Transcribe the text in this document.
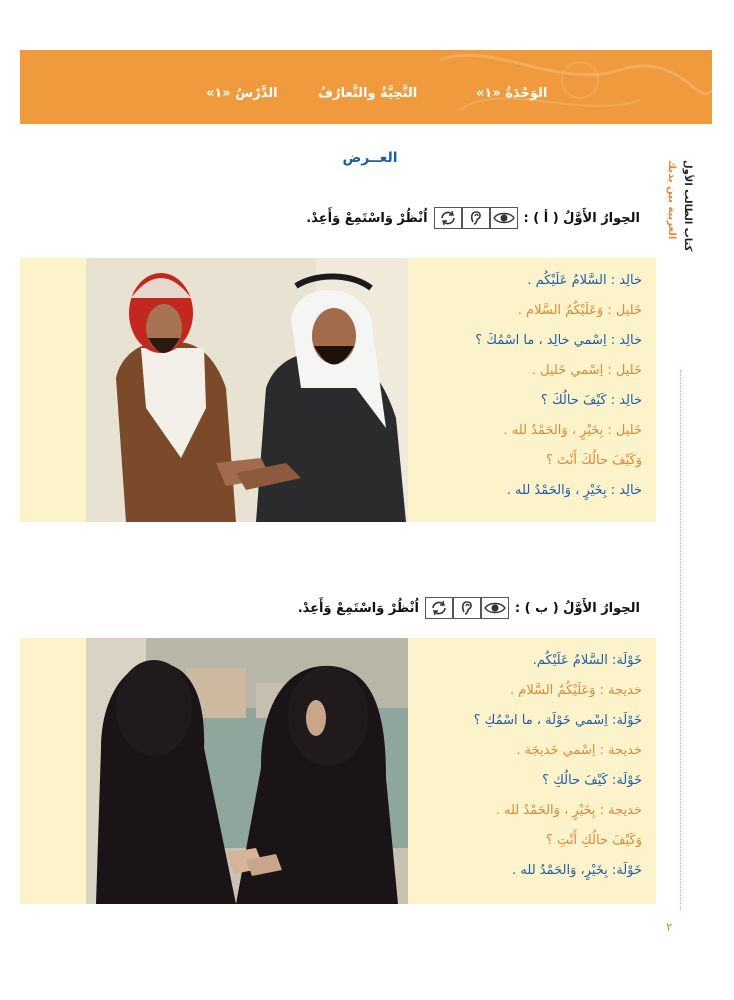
الوَحْدَةُ «١»
التَّحِيَّةُ والتَّعارُفُ
الدَّرْسُ «١»
العربية بين يديك كتاب الطالب الأول
العــرض
الحِوارُ الأَوَّلُ ( أ ) :
اُنْظُرْ وَاسْتَمِعْ وَأَعِدْ.
خالِد : السَّلامُ عَلَيْكُم .
خَليل : وَعَلَيْكُمُ السَّلام .
خالِد : اِسْمي خالِد ، ما اسْمُكَ ؟
خَليل : اِسْمي خَليل .
خالِد : كَيْفَ حالُكَ ؟
خَليل : بِخَيْرٍ ، وَالحَمْدُ لله .
وَكَيْفَ حالُكَ أَنْتَ ؟
خالِد : بِخَيْرٍ ، وَالحَمْدُ لله .
الحِوارُ الأَوَّلُ ( ب ) :
اُنْظُرْ وَاسْتَمِعْ وَأَعِدْ.
خَوْلَة: السَّلامُ عَلَيْكُم.
خديجة : وَعَلَيْكُمُ السَّلام .
خَوْلَة: اِسْمي خَوْلَة ، ما اسْمُكِ ؟
خديجة : اِسْمي خَديجَة .
خَوْلَة: كَيْفَ حالُكِ ؟
خديجة : بِخَيْرٍ ، وَالحَمْدُ لله .
وَكَيْفَ حالُكِ أَنْتِ ؟
خَوْلَة: بِخَيْرٍ، وَالحَمْدُ لله .
٢
